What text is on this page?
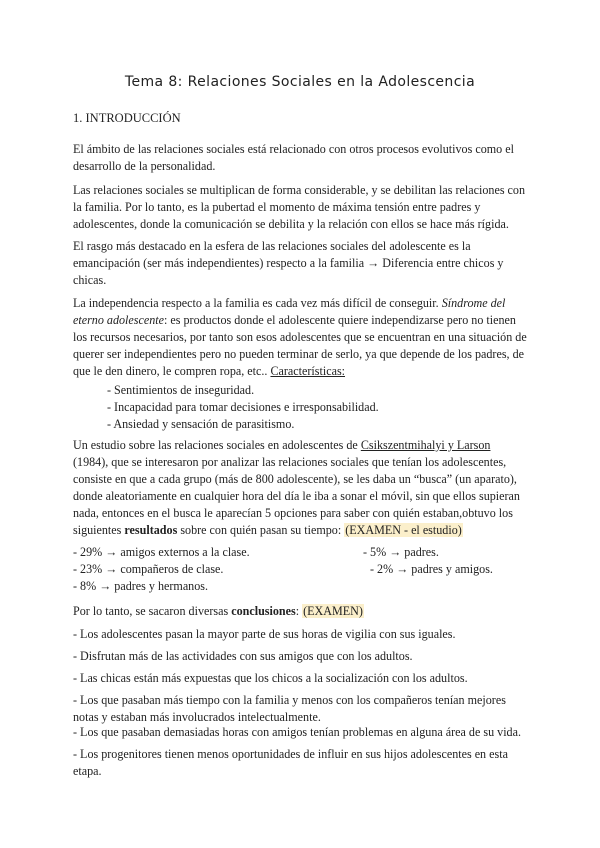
Tema 8: Relaciones Sociales en la Adolescencia
1. INTRODUCCIÓN

El ámbito de las relaciones sociales está relacionado con otros procesos evolutivos como el desarrollo de la personalidad.

Las relaciones sociales se multiplican de forma considerable, y se debilitan las relaciones con la familia. Por lo tanto, es la pubertad el momento de máxima tensión entre padres y adolescentes, donde la comunicación se debilita y la relación con ellos se hace más rígida.

El rasgo más destacado en la esfera de las relaciones sociales del adolescente es la emancipación (ser más independientes) respecto a la familia → Diferencia entre chicos y chicas.

La independencia respecto a la familia es cada vez más difícil de conseguir. Síndrome del eterno adolescente: es productos donde el adolescente quiere independizarse pero no tienen los recursos necesarios, por tanto son esos adolescentes que se encuentran en una situación de querer ser independientes pero no pueden terminar de serlo, ya que depende de los padres, de que le den dinero, le compren ropa, etc.. Características:

- Sentimientos de inseguridad.
- Incapacidad para tomar decisiones e irresponsabilidad.
- Ansiedad y sensación de parasitismo.

Un estudio sobre las relaciones sociales en adolescentes de Csikszentmihalyi y Larson (1984), que se interesaron por analizar las relaciones sociales que tenían los adolescentes, consiste en que a cada grupo (más de 800 adolescente), se les daba un “busca” (un aparato), donde aleatoriamente en cualquier hora del día le iba a sonar el móvil, sin que ellos supieran nada, entonces en el busca le aparecían 5 opciones para saber con quién estaban,obtuvo los siguientes resultados sobre con quién pasan su tiempo: (EXAMEN - el estudio)

- 29% → amigos externos a la clase.	- 5% → padres.
- 23% → compañeros de clase.	- 2% → padres y amigos.
- 8% → padres y hermanos.

Por lo tanto, se sacaron diversas conclusiones: (EXAMEN)

- Los adolescentes pasan la mayor parte de sus horas de vigilia con sus iguales.

- Disfrutan más de las actividades con sus amigos que con los adultos.

- Las chicas están más expuestas que los chicos a la socialización con los adultos.

- Los que pasaban más tiempo con la familia y menos con los compañeros tenían mejores notas y estaban más involucrados intelectualmente.

- Los que pasaban demasiadas horas con amigos tenían problemas en alguna área de su vida.

- Los progenitores tienen menos oportunidades de influir en sus hijos adolescentes en esta etapa.
